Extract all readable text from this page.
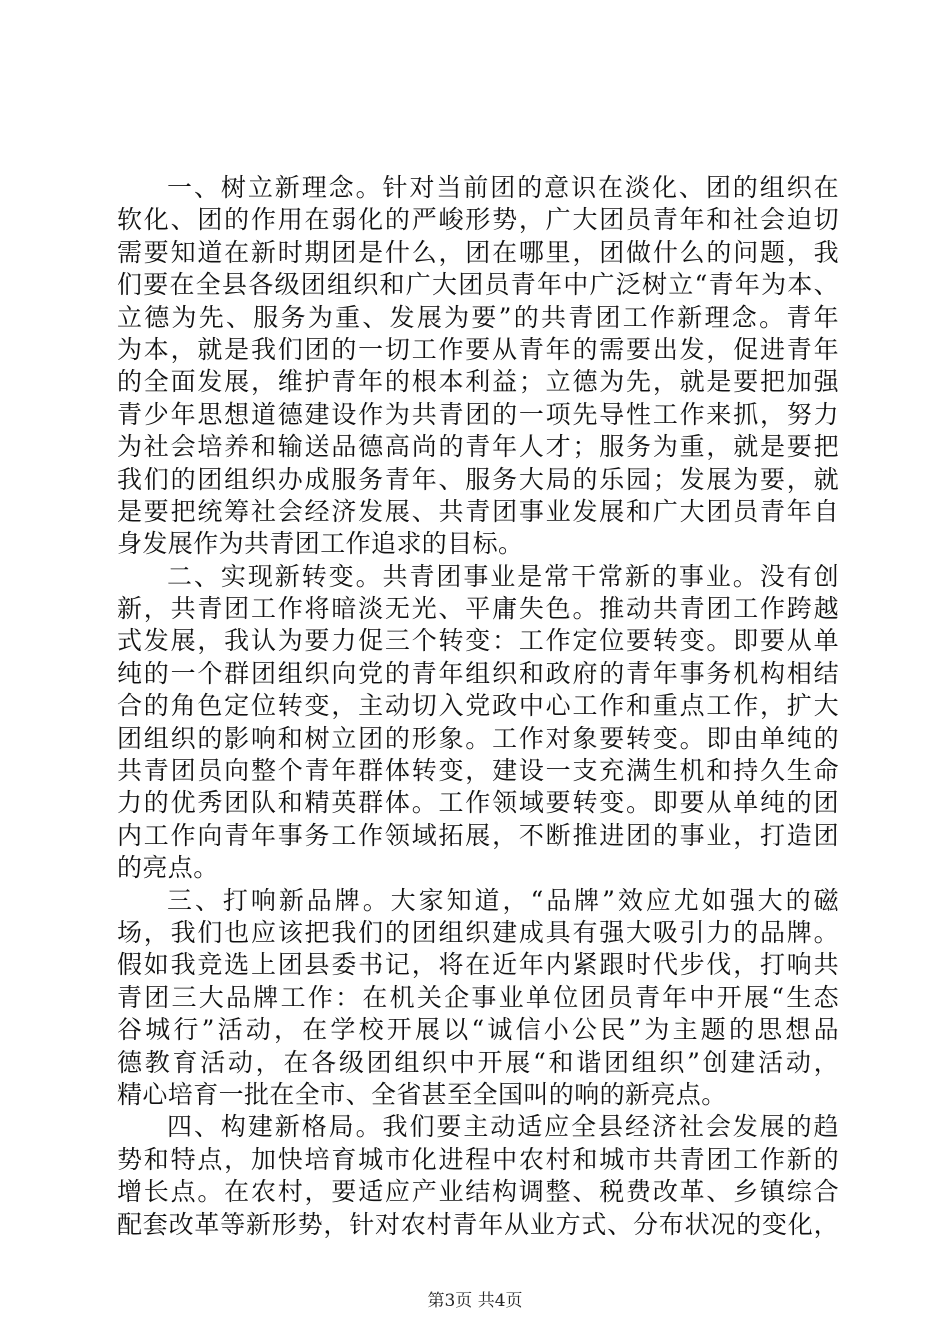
一、树立新理念。针对当前团的意识在淡化、团的组织在
软化、团的作用在弱化的严峻形势，广大团员青年和社会迫切
需要知道在新时期团是什么，团在哪里，团做什么的问题，我
们要在全县各级团组织和广大团员青年中广泛树立“青年为本、
立德为先、服务为重、发展为要”的共青团工作新理念。青年
为本，就是我们团的一切工作要从青年的需要出发，促进青年
的全面发展，维护青年的根本利益；立德为先，就是要把加强
青少年思想道德建设作为共青团的一项先导性工作来抓，努力
为社会培养和输送品德高尚的青年人才；服务为重，就是要把
我们的团组织办成服务青年、服务大局的乐园；发展为要，就
是要把统筹社会经济发展、共青团事业发展和广大团员青年自
身发展作为共青团工作追求的目标。
二、实现新转变。共青团事业是常干常新的事业。没有创
新，共青团工作将暗淡无光、平庸失色。推动共青团工作跨越
式发展，我认为要力促三个转变：工作定位要转变。即要从单
纯的一个群团组织向党的青年组织和政府的青年事务机构相结
合的角色定位转变，主动切入党政中心工作和重点工作，扩大
团组织的影响和树立团的形象。工作对象要转变。即由单纯的
共青团员向整个青年群体转变，建设一支充满生机和持久生命
力的优秀团队和精英群体。工作领域要转变。即要从单纯的团
内工作向青年事务工作领域拓展，不断推进团的事业，打造团
的亮点。
三、打响新品牌。大家知道，“品牌”效应尤如强大的磁
场，我们也应该把我们的团组织建成具有强大吸引力的品牌。
假如我竞选上团县委书记，将在近年内紧跟时代步伐，打响共
青团三大品牌工作：在机关企事业单位团员青年中开展“生态
谷城行”活动，在学校开展以“诚信小公民”为主题的思想品
德教育活动，在各级团组织中开展“和谐团组织”创建活动，
精心培育一批在全市、全省甚至全国叫的响的新亮点。
四、构建新格局。我们要主动适应全县经济社会发展的趋
势和特点，加快培育城市化进程中农村和城市共青团工作新的
增长点。在农村，要适应产业结构调整、税费改革、乡镇综合
配套改革等新形势，针对农村青年从业方式、分布状况的变化，
第3页 共4页
